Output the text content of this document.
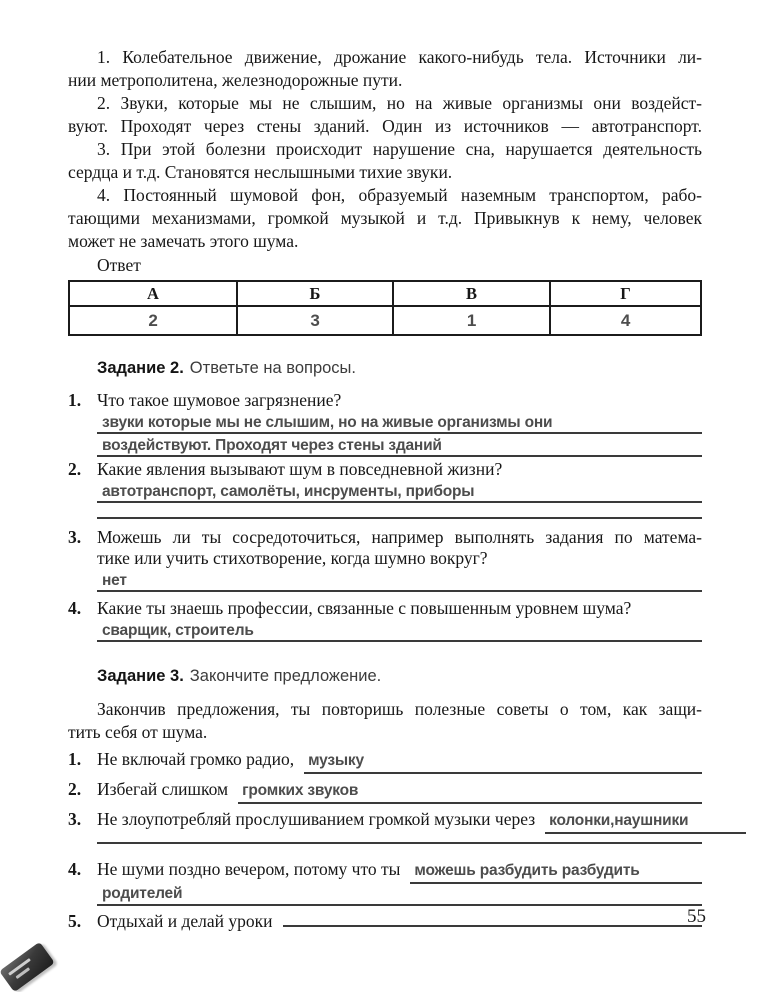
1. Колебательное движение, дрожание какого-нибудь тела. Источники ли-
нии метрополитена, железнодорожные пути.
2. Звуки, которые мы не слышим, но на живые организмы они воздейст-
вуют. Проходят через стены зданий. Один из источников — автотранспорт.
3. При этой болезни происходит нарушение сна, нарушается деятельность
сердца и т.д. Становятся неслышными тихие звуки.
4. Постоянный шумовой фон, образуемый наземным транспортом, рабо-
тающими механизмами, громкой музыкой и т.д. Привыкнув к нему, человек
может не замечать этого шума.
Ответ
А	Б	В	Г
2	3	1	4
Задание 2. Ответьте на вопросы.
1. Что такое шумовое загрязнение?
звуки которые мы не слышим, но на живые организмы они
воздействуют. Проходят через стены зданий
2. Какие явления вызывают шум в повседневной жизни?
автотранспорт, самолёты, инсрументы, приборы
3. Можешь ли ты сосредоточиться, например выполнять задания по матема-
тике или учить стихотворение, когда шумно вокруг?
нет
4. Какие ты знаешь профессии, связанные с повышенным уровнем шума?
сварщик, строитель
Задание 3. Закончите предложение.
Закончив предложения, ты повторишь полезные советы о том, как защи-
тить себя от шума.
1. Не включай громко радио, музыку
2. Избегай слишком громких звуков
3. Не злоупотребляй прослушиванием громкой музыки через колонки,наушники
4. Не шуми поздно вечером, потому что ты можешь разбудить разбудить
родителей
5. Отдыхай и делай уроки	55
